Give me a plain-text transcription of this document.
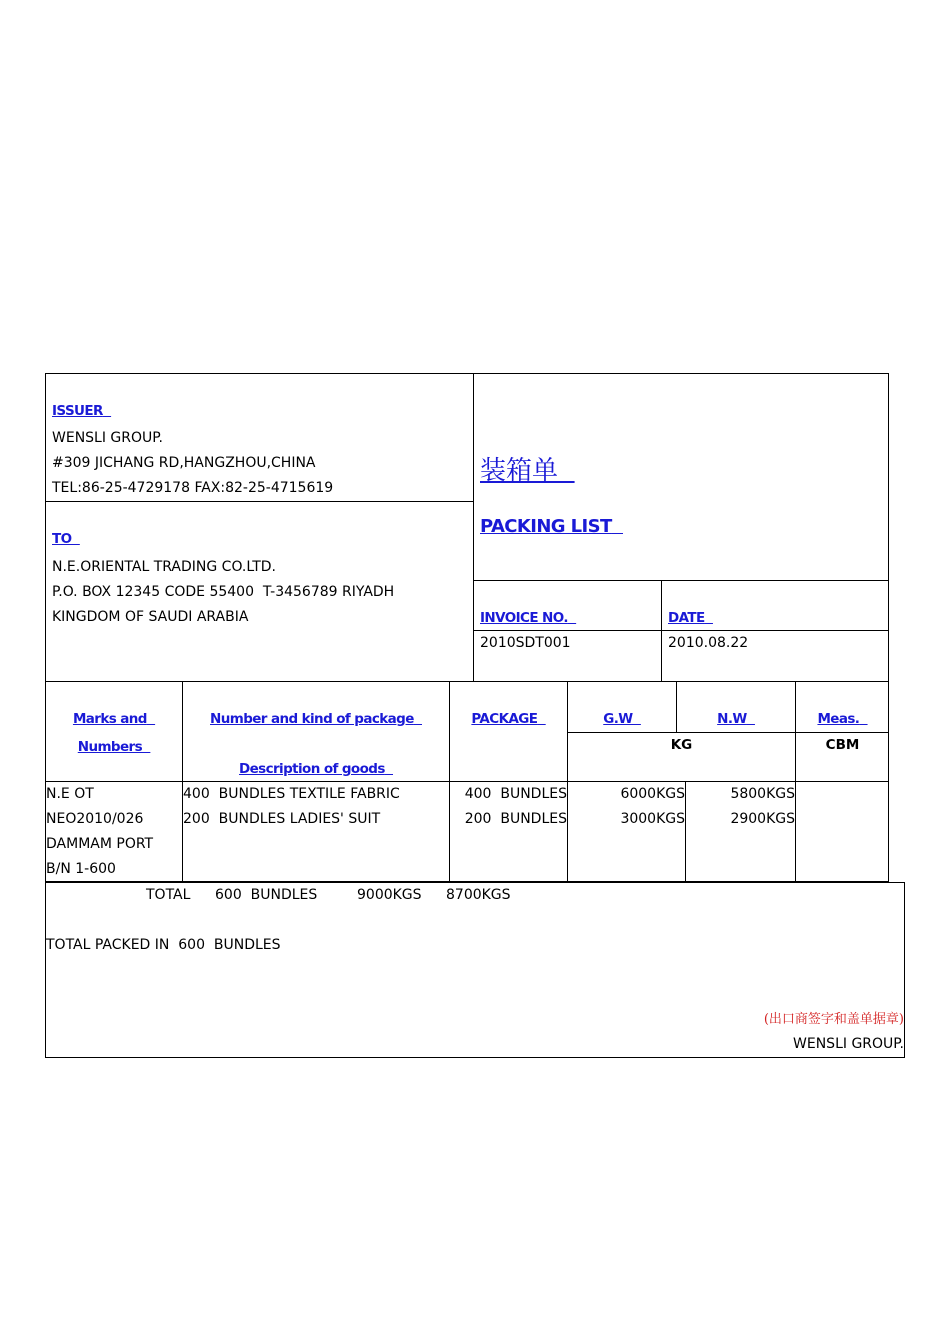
ISSUER
WENSLI GROUP.
#309 JICHANG RD,HANGZHOU,CHINA
TEL:86-25-4729178 FAX:82-25-4715619
TO
N.E.ORIENTAL TRADING CO.LTD.
P.O. BOX 12345 CODE 55400  T-3456789 RIYADH
KINGDOM OF SAUDI ARABIA
装箱单
PACKING LIST
INVOICE NO.
2010SDT001
DATE
2010.08.22
Marks and
Numbers
Number and kind of package
Description of goods
PACKAGE	G.W	N.W	Meas.
KG	CBM
N.E OT
NEO2010/026
DAMMAM PORT
B/N 1-600
400  BUNDLES TEXTILE FABRIC	400  BUNDLES	6000KGS	5800KGS
200  BUNDLES LADIES' SUIT	200  BUNDLES	3000KGS	2900KGS
TOTAL 600  BUNDLES	9000KGS 8700KGS
TOTAL PACKED IN  600  BUNDLES
(出口商签字和盖单据章)
WENSLI GROUP.
